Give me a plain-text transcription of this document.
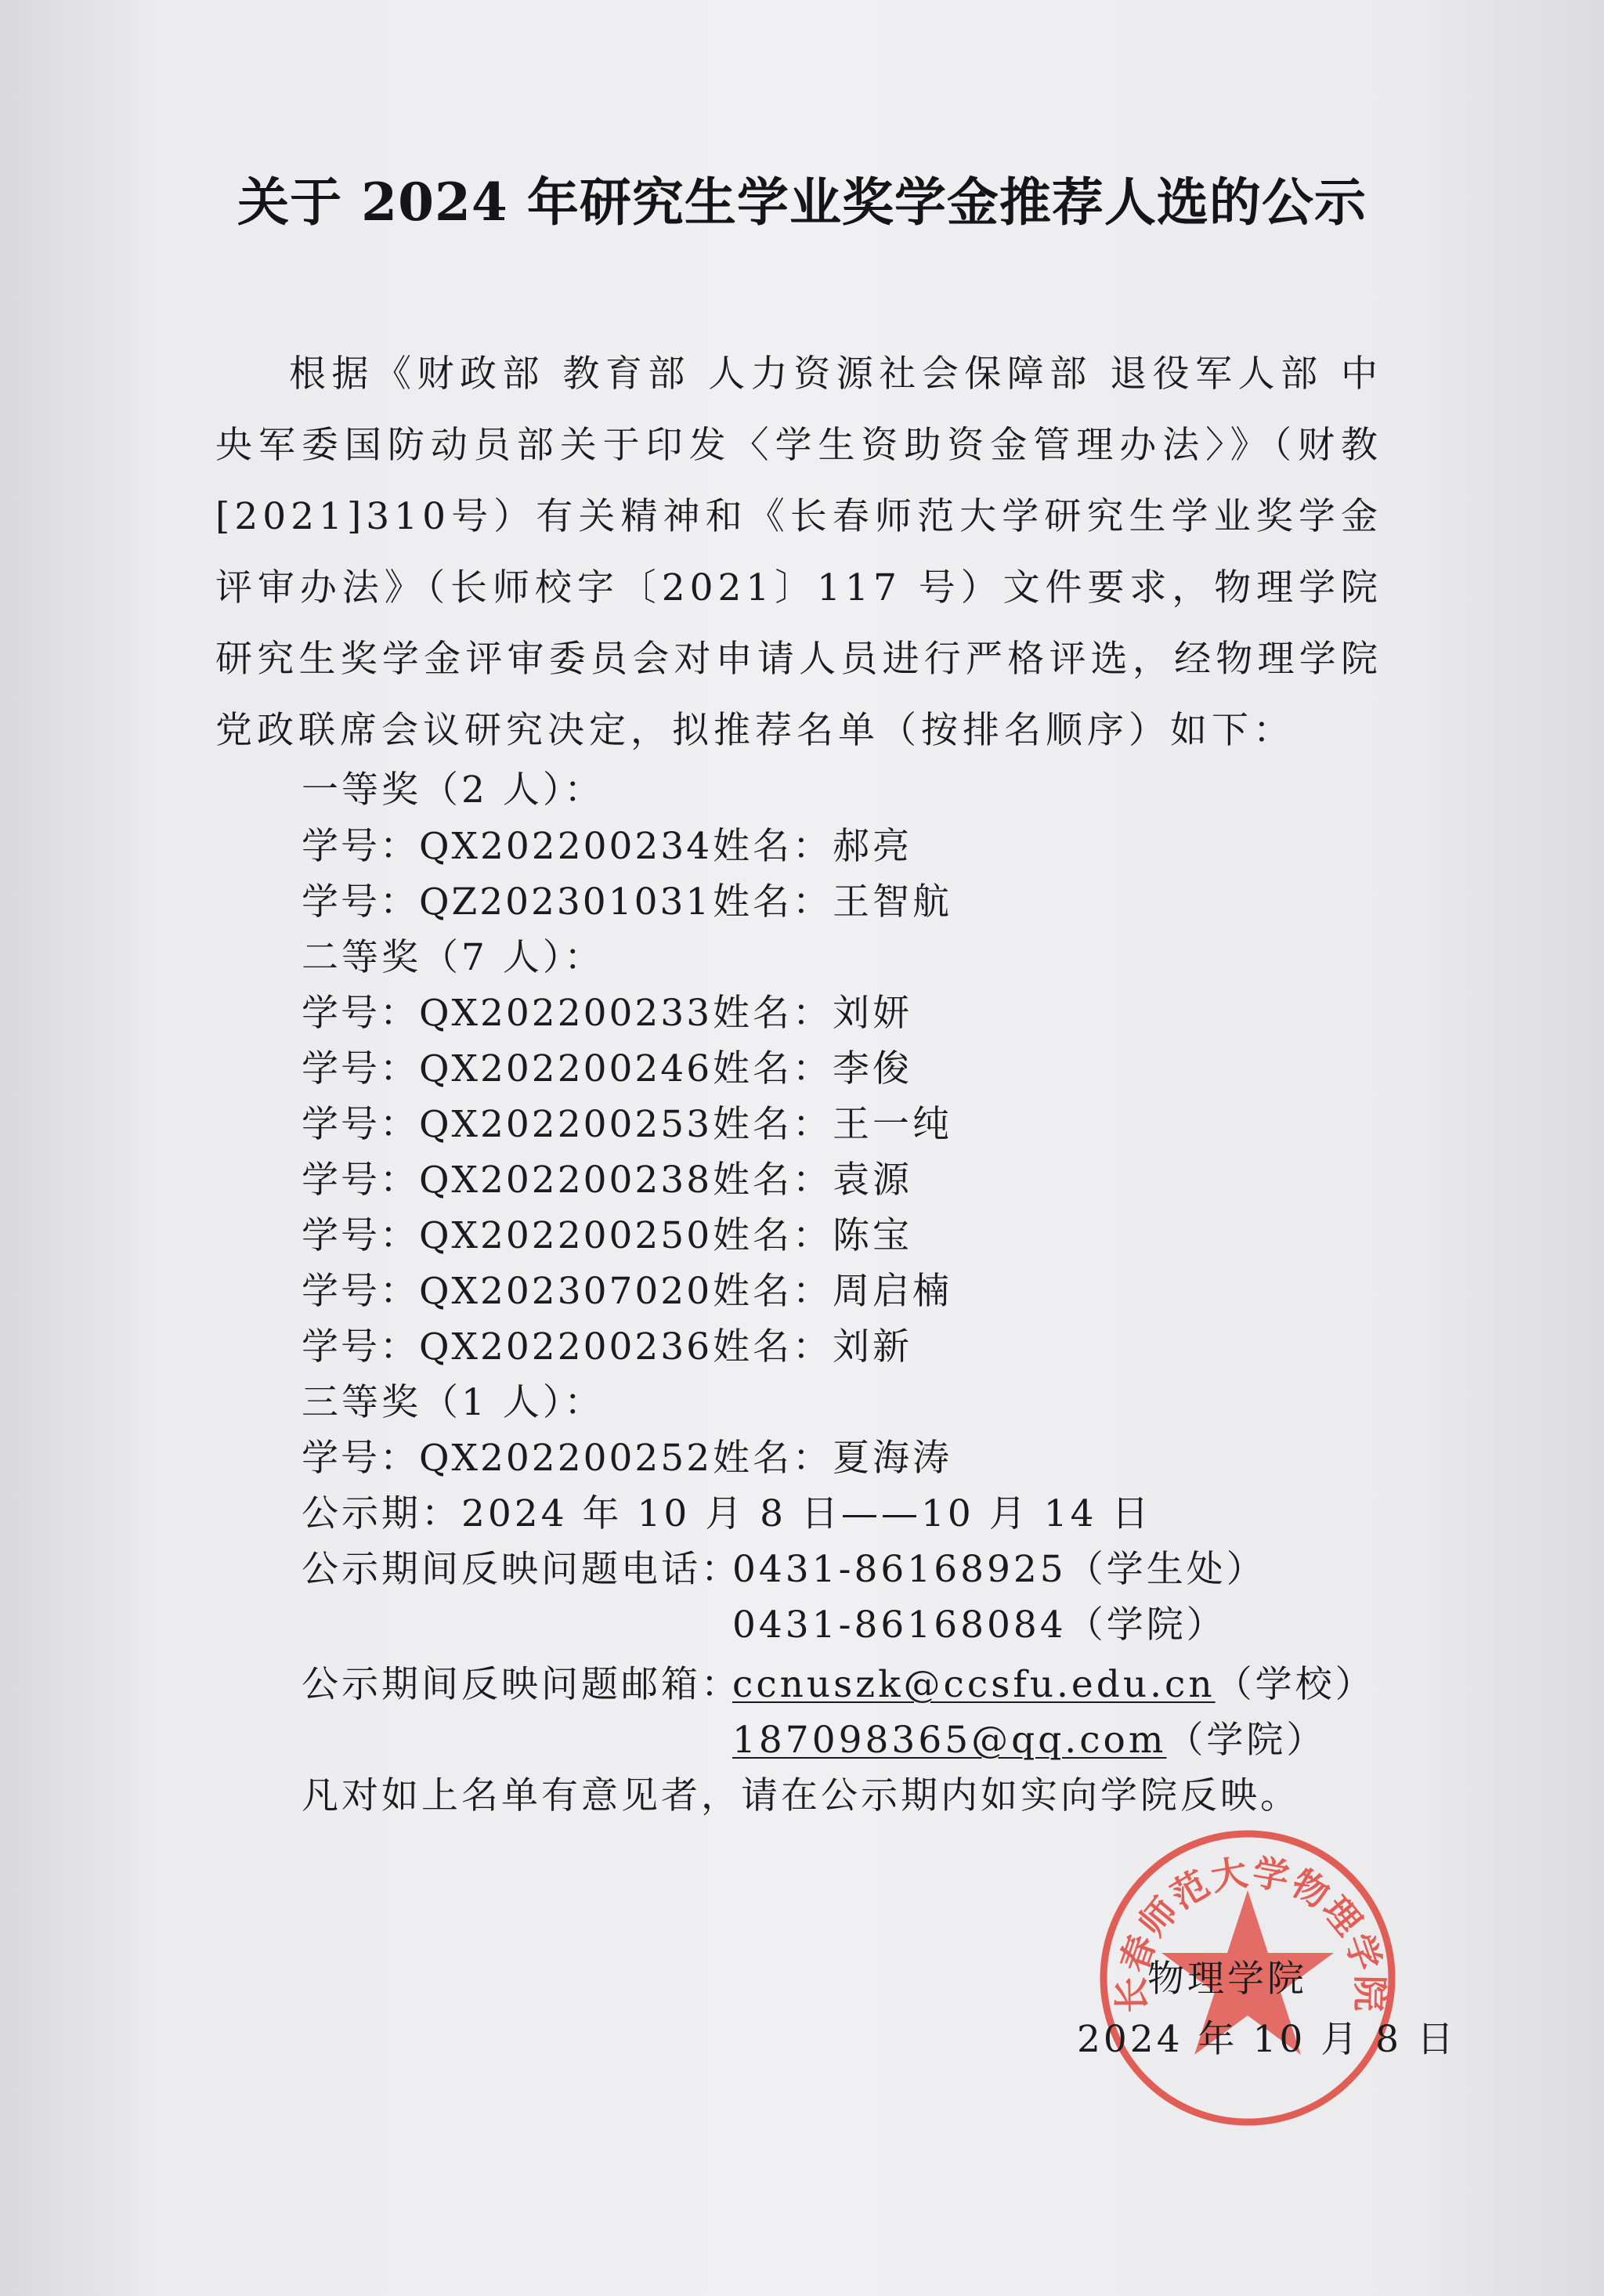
关于 2024 年研究生学业奖学金推荐人选的公示
根据《财政部 教育部 人力资源社会保障部 退役军人部 中央军委国防动员部关于印发〈学生资助资金管理办法〉》（财教[2021]310号）有关精神和《长春师范大学研究生学业奖学金评审办法》（长师校字〔2021〕117 号）文件要求，物理学院研究生奖学金评审委员会对申请人员进行严格评选，经物理学院党政联席会议研究决定，拟推荐名单（按排名顺序）如下：
一等奖（2 人）：
学号：QX202200234 姓名：郝亮
学号：QZ202301031 姓名：王智航
二等奖（7 人）：
学号：QX202200233 姓名：刘妍
学号：QX202200246 姓名：李俊
学号：QX202200253 姓名：王一纯
学号：QX202200238 姓名：袁源
学号：QX202200250 姓名：陈宝
学号：QX202307020 姓名：周启楠
学号：QX202200236 姓名：刘新
三等奖（1 人）：
学号：QX202200252 姓名：夏海涛
公示期：2024 年 10 月 8 日——10 月 14 日
公示期间反映问题电话：
0431-86168925（学生处）
0431-86168084（学院）
公示期间反映问题邮箱：
ccnuszk@ccsfu.edu.cn（学校）
187098365@qq.com（学院）
凡对如上名单有意见者，请在公示期内如实向学院反映。
长春师范大学物理学院
物理学院
2024 年 10 月 8 日
